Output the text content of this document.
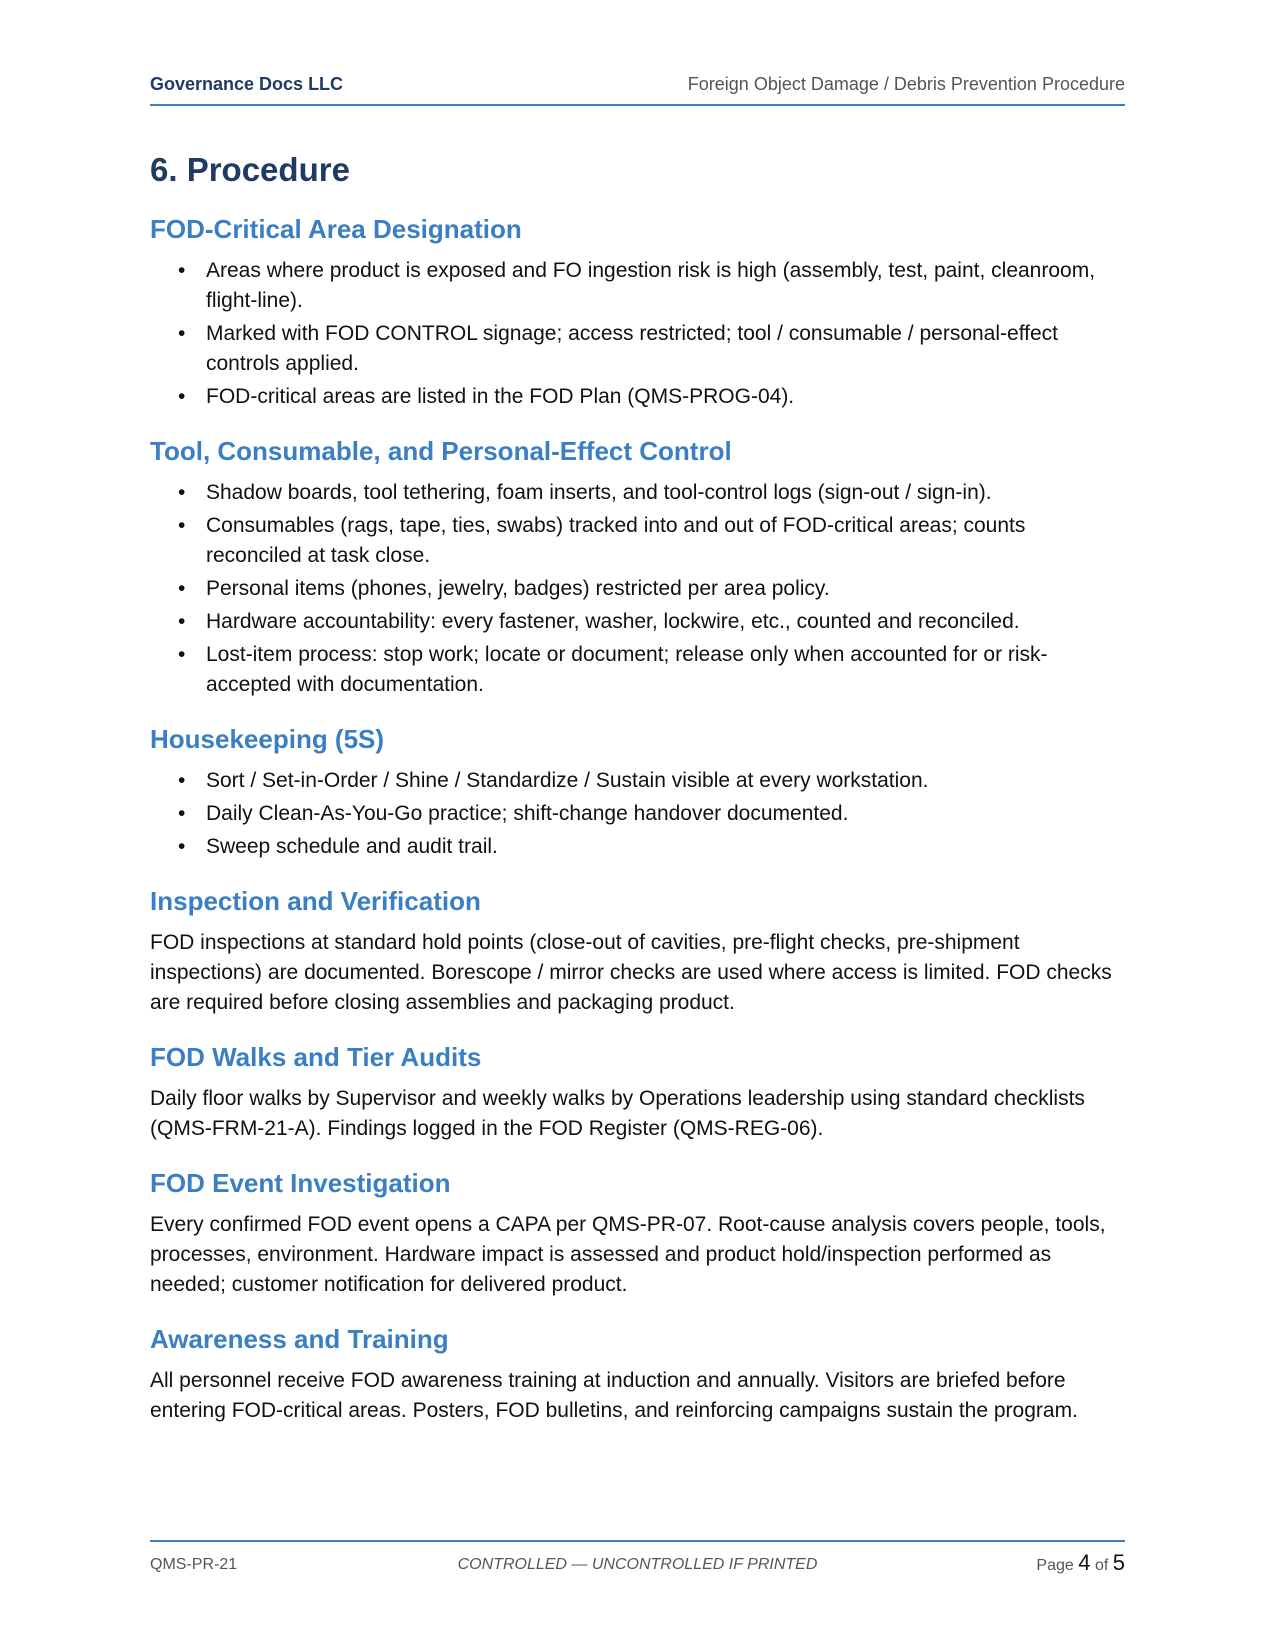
Governance Docs LLC	Foreign Object Damage / Debris Prevention Procedure
6. Procedure
FOD-Critical Area Designation
• Areas where product is exposed and FO ingestion risk is high (assembly, test, paint, cleanroom, flight-line).
• Marked with FOD CONTROL signage; access restricted; tool / consumable / personal-effect controls applied.
• FOD-critical areas are listed in the FOD Plan (QMS-PROG-04).
Tool, Consumable, and Personal-Effect Control
• Shadow boards, tool tethering, foam inserts, and tool-control logs (sign-out / sign-in).
• Consumables (rags, tape, ties, swabs) tracked into and out of FOD-critical areas; counts reconciled at task close.
• Personal items (phones, jewelry, badges) restricted per area policy.
• Hardware accountability: every fastener, washer, lockwire, etc., counted and reconciled.
• Lost-item process: stop work; locate or document; release only when accounted for or risk-accepted with documentation.
Housekeeping (5S)
• Sort / Set-in-Order / Shine / Standardize / Sustain visible at every workstation.
• Daily Clean-As-You-Go practice; shift-change handover documented.
• Sweep schedule and audit trail.
Inspection and Verification

FOD inspections at standard hold points (close-out of cavities, pre-flight checks, pre-shipment inspections) are documented. Borescope / mirror checks are used where access is limited. FOD checks are required before closing assemblies and packaging product.

FOD Walks and Tier Audits

Daily floor walks by Supervisor and weekly walks by Operations leadership using standard checklists (QMS-FRM-21-A). Findings logged in the FOD Register (QMS-REG-06).

FOD Event Investigation

Every confirmed FOD event opens a CAPA per QMS-PR-07. Root-cause analysis covers people, tools, processes, environment. Hardware impact is assessed and product hold/inspection performed as needed; customer notification for delivered product.

Awareness and Training

All personnel receive FOD awareness training at induction and annually. Visitors are briefed before entering FOD-critical areas. Posters, FOD bulletins, and reinforcing campaigns sustain the program.

QMS-PR-21	CONTROLLED — UNCONTROLLED IF PRINTED	Page 4 of 5
